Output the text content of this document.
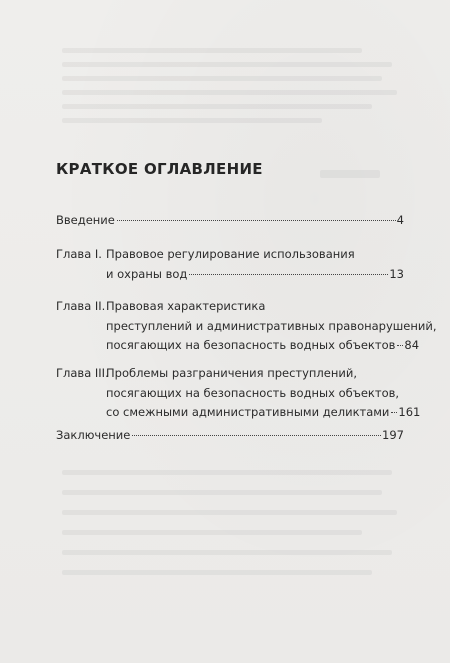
КРАТКОЕ ОГЛАВЛЕНИЕ
Введение	4
Глава I. Правовое регулирование использования
и охраны вод	13
Глава II. Правовая характеристика
преступлений и административных правонарушений,
посягающих на безопасность водных объектов 84
Глава III.
Проблемы разграничения преступлений,
посягающих на безопасность водных объектов,
со смежными административными деликтами 161
Заключение	197
